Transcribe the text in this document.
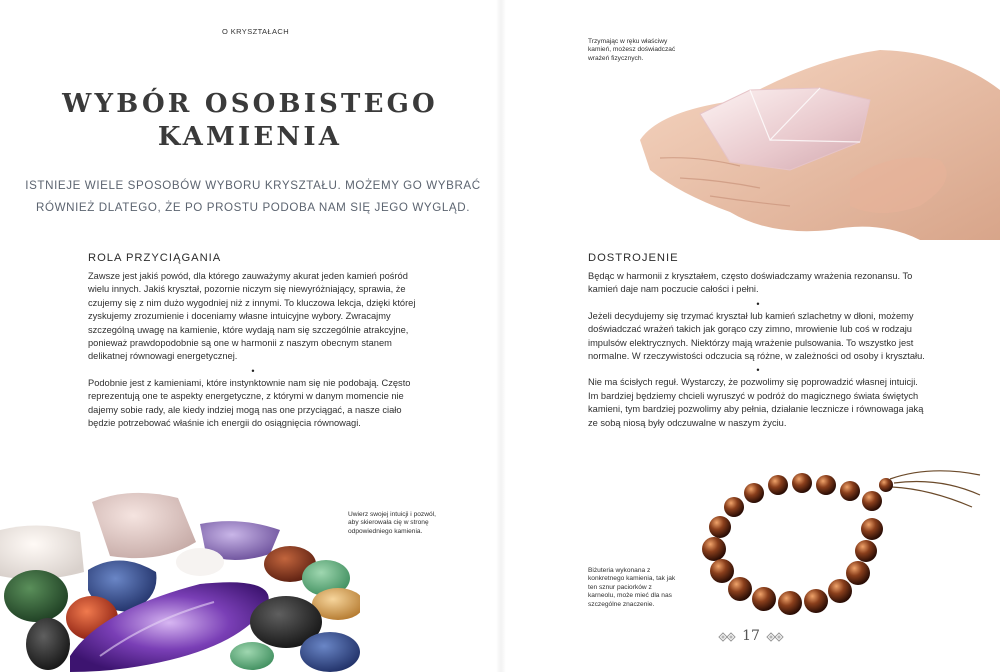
O KRYSZTAŁACH
WYBÓR OSOBISTEGO
KAMIENIA
ISTNIEJE WIELE SPOSOBÓW WYBORU KRYSZTAŁU. MOŻEMY GO WYBRAĆ
RÓWNIEŻ DLATEGO, ŻE PO PROSTU PODOBA NAM SIĘ JEGO WYGLĄD.
Uwierz swojej intuicji i pozwól, aby skierowała cię w stronę odpowiedniego kamienia.
Trzymając w ręku właściwy kamień, możesz doświadczać wrażeń fizycznych.
Biżuteria wykonana z konkretnego kamienia, tak jak ten sznur paciorków z karneolu, może mieć dla nas szczególne znaczenie.
ROLA PRZYCIĄGANIA

Zawsze jest jakiś powód, dla którego zauważymy akurat jeden kamień pośród wielu innych. Jakiś kryształ, pozornie niczym się niewyróżniający, sprawia, że czujemy się z nim dużo wygodniej niż z innymi. To kluczowa lekcja, dzięki której zyskujemy zrozumienie i doceniamy własne intuicyjne wybory. Zwracajmy szczególną uwagę na kamienie, które wydają nam się szczególnie atrakcyjne, ponieważ prawdopodobnie są one w harmonii z naszym obecnym stanem delikatnej równowagi energetycznej.

•

Podobnie jest z kamieniami, które instynktownie nam się nie podobają. Często reprezentują one te aspekty energetyczne, z którymi w danym momencie nie dajemy sobie rady, ale kiedy indziej mogą nas one przyciągać, a nasze ciało będzie potrzebować właśnie ich energii do osiągnięcia równowagi.

DOSTROJENIE

Będąc w harmonii z kryształem, często doświadczamy wrażenia rezonansu. To kamień daje nam poczucie całości i pełni.

•

Jeżeli decydujemy się trzymać kryształ lub kamień szlachetny w dłoni, możemy doświadczać wrażeń takich jak gorąco czy zimno, mrowienie lub coś w rodzaju impulsów elektrycznych. Niektórzy mają wrażenie pulsowania. To wszystko jest normalne. W rzeczywistości odczucia są różne, w zależności od osoby i kryształu.

•

Nie ma ścisłych reguł. Wystarczy, że pozwolimy się poprowadzić własnej intuicji. Im bardziej będziemy chcieli wyruszyć w podróż do magicznego świata świętych kamieni, tym bardziej pozwolimy aby pełnia, działanie lecznicze i równowaga jaką ze sobą niosą były odczuwalne w naszym życiu.

17
